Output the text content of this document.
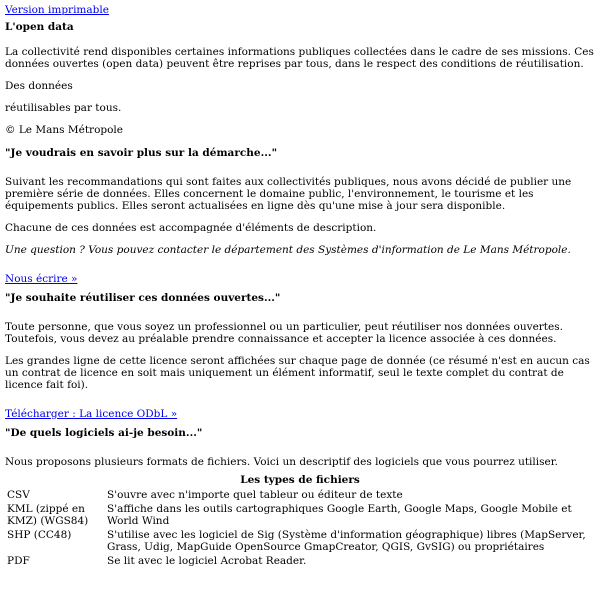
Version imprimable
L'open data

La collectivité rend disponibles certaines informations publiques collectées dans le cadre de ses missions. Ces données ouvertes (open data) peuvent être reprises par tous, dans le respect des conditions de réutilisation.

Des données

réutilisables par tous.

© Le Mans Métropole

"Je voudrais en savoir plus sur la démarche..."

Suivant les recommandations qui sont faites aux collectivités publiques, nous avons décidé de publier une première série de données. Elles concernent le domaine public, l'environnement, le tourisme et les équipements publics. Elles seront actualisées en ligne dès qu'une mise à jour sera disponible.

Chacune de ces données est accompagnée d'éléments de description.

Une question ? Vous pouvez contacter le département des Systèmes d'information de Le Mans Métropole.

Nous écrire »
"Je souhaite réutiliser ces données ouvertes..."

Toute personne, que vous soyez un professionnel ou un particulier, peut réutiliser nos données ouvertes. Toutefois, vous devez au préalable prendre connaissance et accepter la licence associée à ces données.

Les grandes ligne de cette licence seront affichées sur chaque page de donnée (ce résumé n'est en aucun cas un contrat de licence en soit mais uniquement un élément informatif, seul le texte complet du contrat de licence fait foi).

Télécharger : La licence ODbL »
"De quels logiciels ai-je besoin..."

Nous proposons plusieurs formats de fichiers. Voici un descriptif des logiciels que vous pourrez utiliser.

Les types de fichiers
CSV	S'ouvre avec n'importe quel tableur ou éditeur de texte
KML (zippé en KMZ) (WGS84)	S'affiche dans les outils cartographiques Google Earth, Google Maps, Google Mobile et World Wind
SHP (CC48)	S'utilise avec les logiciel de Sig (Système d'information géographique) libres (MapServer, Grass, Udig, MapGuide OpenSource GmapCreator, QGIS, GvSIG) ou propriétaires
PDF	Se lit avec le logiciel Acrobat Reader.
